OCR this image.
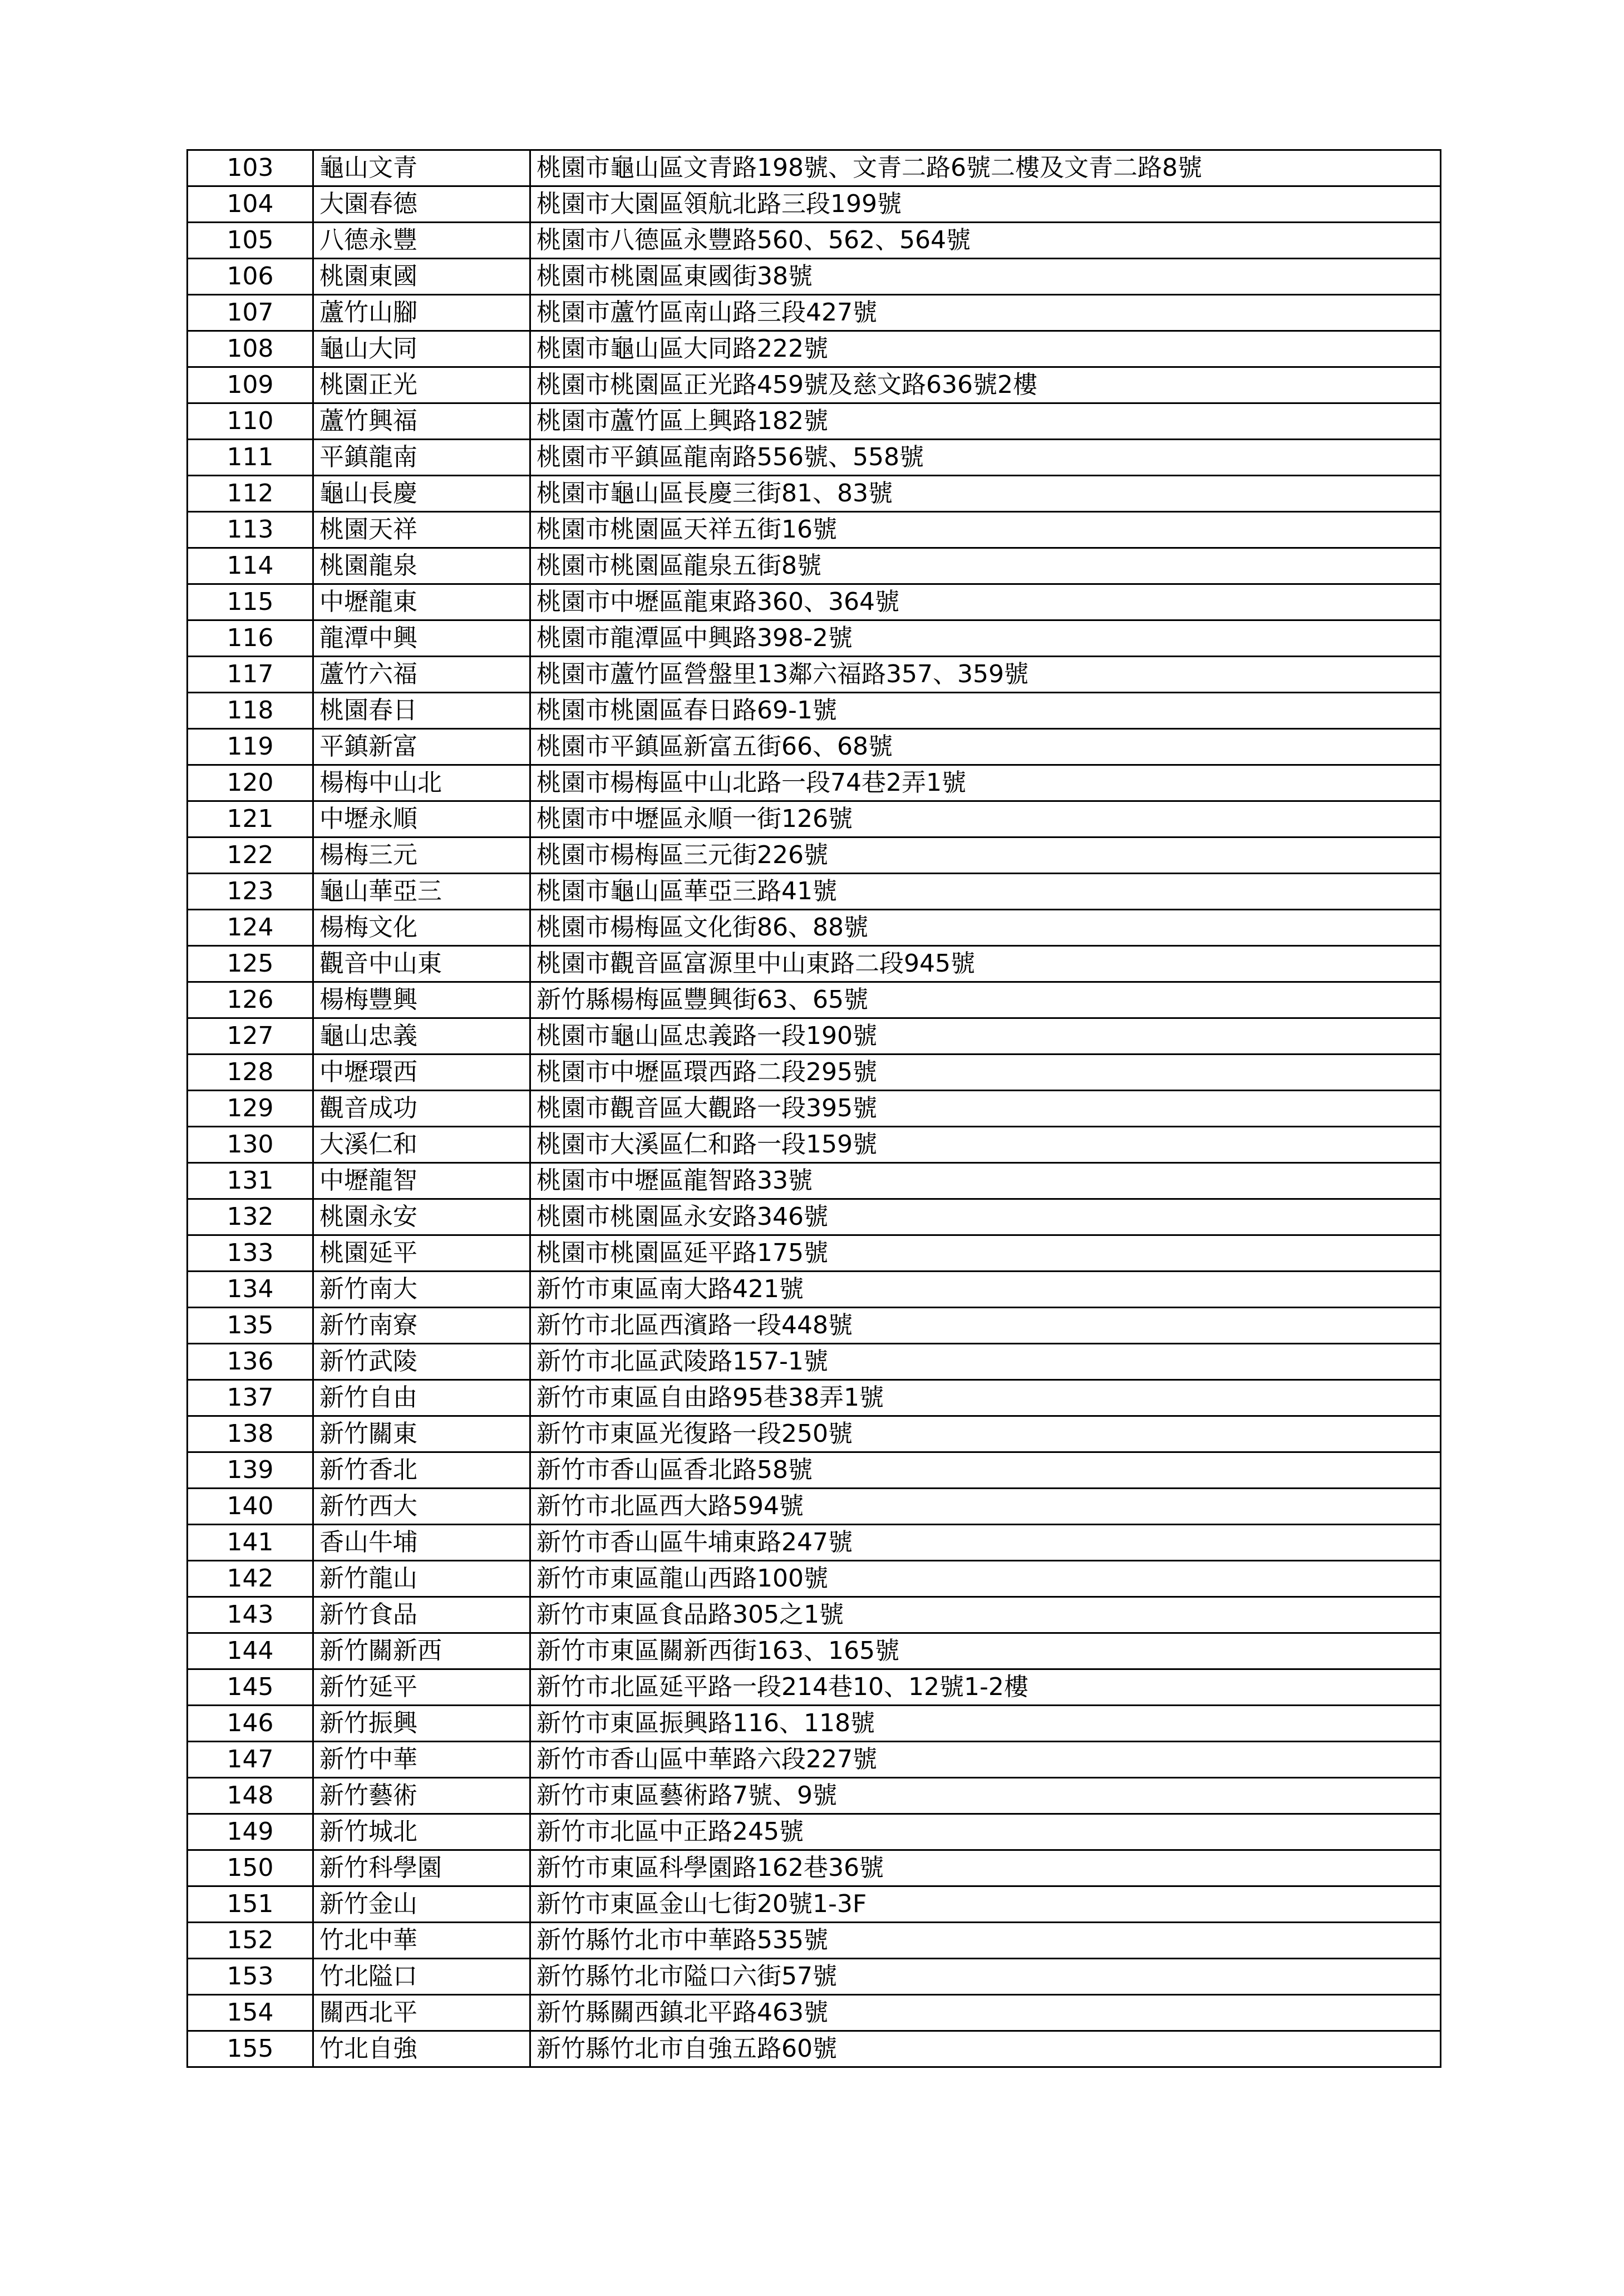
103	龜山文青	桃園市龜山區文青路198號、文青二路6號二樓及文青二路8號
104	大園春德	桃園市大園區領航北路三段199號
105	八德永豐	桃園市八德區永豐路560、562、564號
106	桃園東國	桃園市桃園區東國街38號
107	蘆竹山腳	桃園市蘆竹區南山路三段427號
108	龜山大同	桃園市龜山區大同路222號
109	桃園正光	桃園市桃園區正光路459號及慈文路636號2樓
110	蘆竹興福	桃園市蘆竹區上興路182號
111	平鎮龍南	桃園市平鎮區龍南路556號、558號
112	龜山長慶	桃園市龜山區長慶三街81、83號
113	桃園天祥	桃園市桃園區天祥五街16號
114	桃園龍泉	桃園市桃園區龍泉五街8號
115	中壢龍東	桃園市中壢區龍東路360、364號
116	龍潭中興	桃園市龍潭區中興路398-2號
117	蘆竹六福	桃園市蘆竹區營盤里13鄰六福路357、359號
118	桃園春日	桃園市桃園區春日路69-1號
119	平鎮新富	桃園市平鎮區新富五街66、68號
120	楊梅中山北	桃園市楊梅區中山北路一段74巷2弄1號
121	中壢永順	桃園市中壢區永順一街126號
122	楊梅三元	桃園市楊梅區三元街226號
123	龜山華亞三	桃園市龜山區華亞三路41號
124	楊梅文化	桃園市楊梅區文化街86、88號
125	觀音中山東	桃園市觀音區富源里中山東路二段945號
126	楊梅豐興	新竹縣楊梅區豐興街63、65號
127	龜山忠義	桃園市龜山區忠義路一段190號
128	中壢環西	桃園市中壢區環西路二段295號
129	觀音成功	桃園市觀音區大觀路一段395號
130	大溪仁和	桃園市大溪區仁和路一段159號
131	中壢龍智	桃園市中壢區龍智路33號
132	桃園永安	桃園市桃園區永安路346號
133	桃園延平	桃園市桃園區延平路175號
134	新竹南大	新竹市東區南大路421號
135	新竹南寮	新竹市北區西濱路一段448號
136	新竹武陵	新竹市北區武陵路157-1號
137	新竹自由	新竹市東區自由路95巷38弄1號
138	新竹關東	新竹市東區光復路一段250號
139	新竹香北	新竹市香山區香北路58號
140	新竹西大	新竹市北區西大路594號
141	香山牛埔	新竹市香山區牛埔東路247號
142	新竹龍山	新竹市東區龍山西路100號
143	新竹食品	新竹市東區食品路305之1號
144	新竹關新西	新竹市東區關新西街163、165號
145	新竹延平	新竹市北區延平路一段214巷10、12號1-2樓
146	新竹振興	新竹市東區振興路116、118號
147	新竹中華	新竹市香山區中華路六段227號
148	新竹藝術	新竹市東區藝術路7號、9號
149	新竹城北	新竹市北區中正路245號
150	新竹科學園	新竹市東區科學園路162巷36號
151	新竹金山	新竹市東區金山七街20號1-3F
152	竹北中華	新竹縣竹北市中華路535號
153	竹北隘口	新竹縣竹北市隘口六街57號
154	關西北平	新竹縣關西鎮北平路463號
155	竹北自強	新竹縣竹北市自強五路60號
